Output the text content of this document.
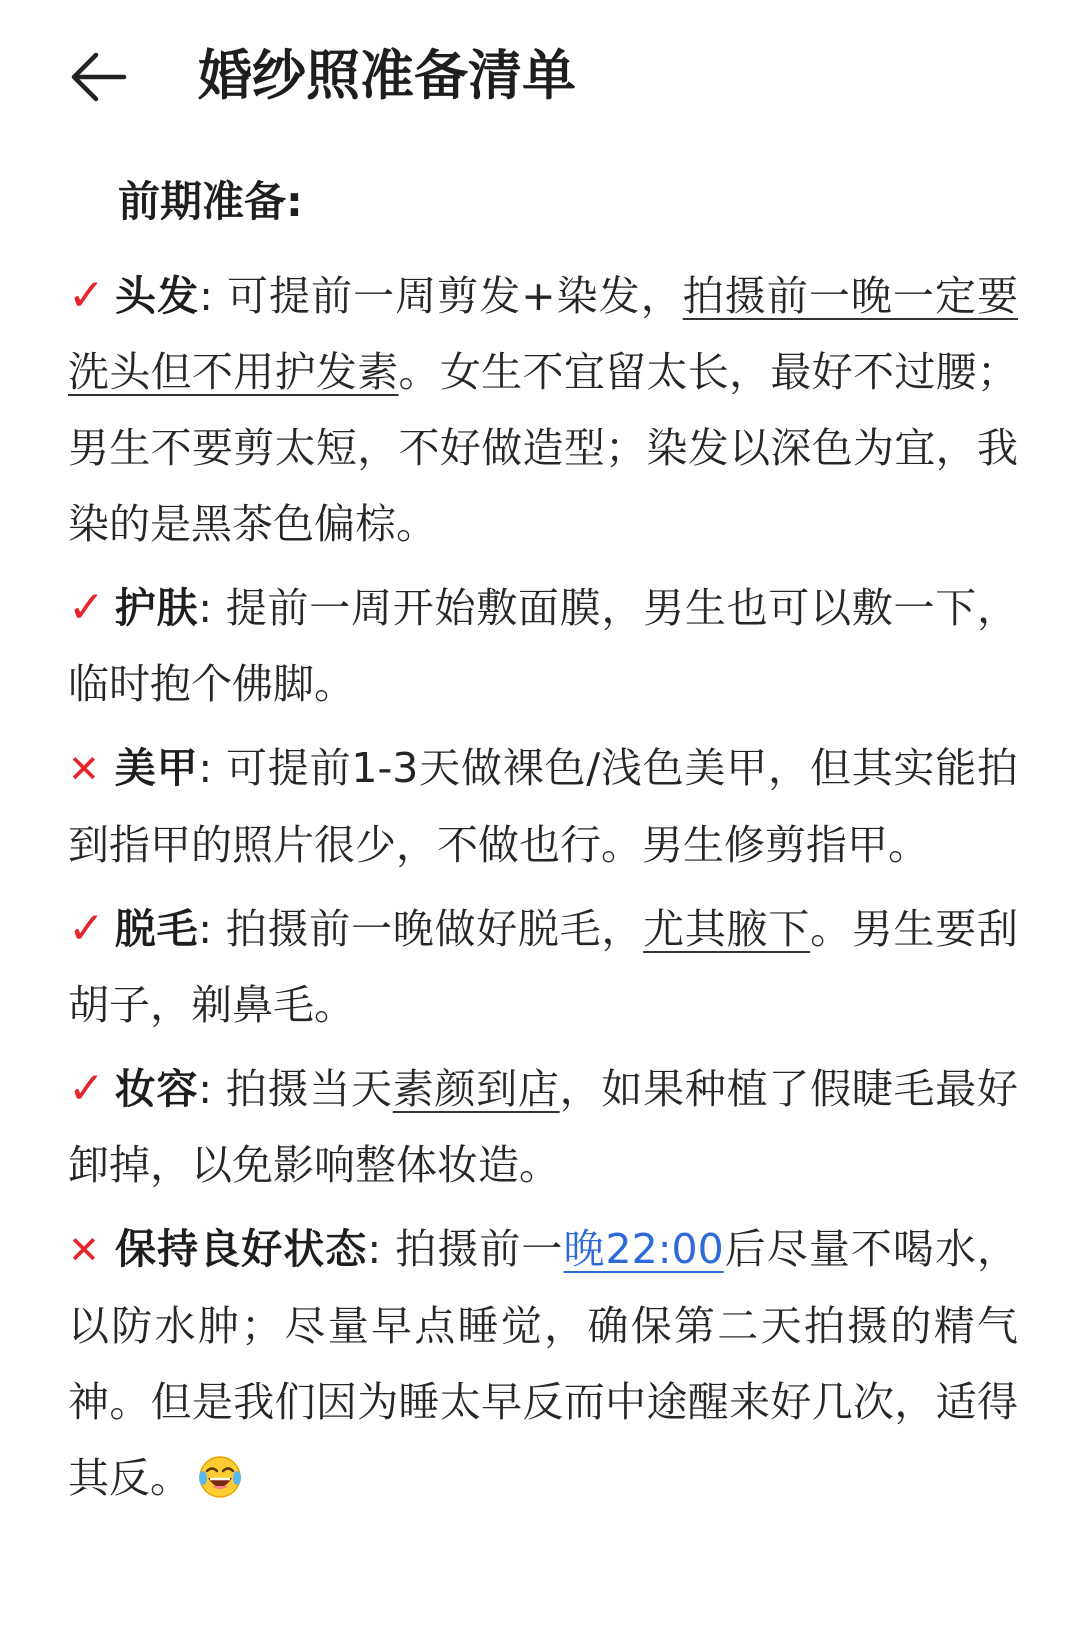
婚纱照准备清单
前期准备:
✓ 头发: 可提前一周剪发+染发，拍摄前一晚一定要洗头但不用护发素。女生不宜留太长，最好不过腰；男生不要剪太短，不好做造型；染发以深色为宜，我染的是黑茶色偏棕。
✓ 护肤: 提前一周开始敷面膜，男生也可以敷一下，临时抱个佛脚。
✕ 美甲: 可提前1-3天做裸色/浅色美甲，但其实能拍到指甲的照片很少，不做也行。男生修剪指甲。
✓ 脱毛: 拍摄前一晚做好脱毛，尤其腋下。男生要刮胡子，剃鼻毛。
✓ 妆容: 拍摄当天素颜到店，如果种植了假睫毛最好卸掉，以免影响整体妆造。
✕ 保持良好状态: 拍摄前一晚22:00后尽量不喝水，以防水肿；尽量早点睡觉，确保第二天拍摄的精气神。但是我们因为睡太早反而中途醒来好几次，适得其反。
